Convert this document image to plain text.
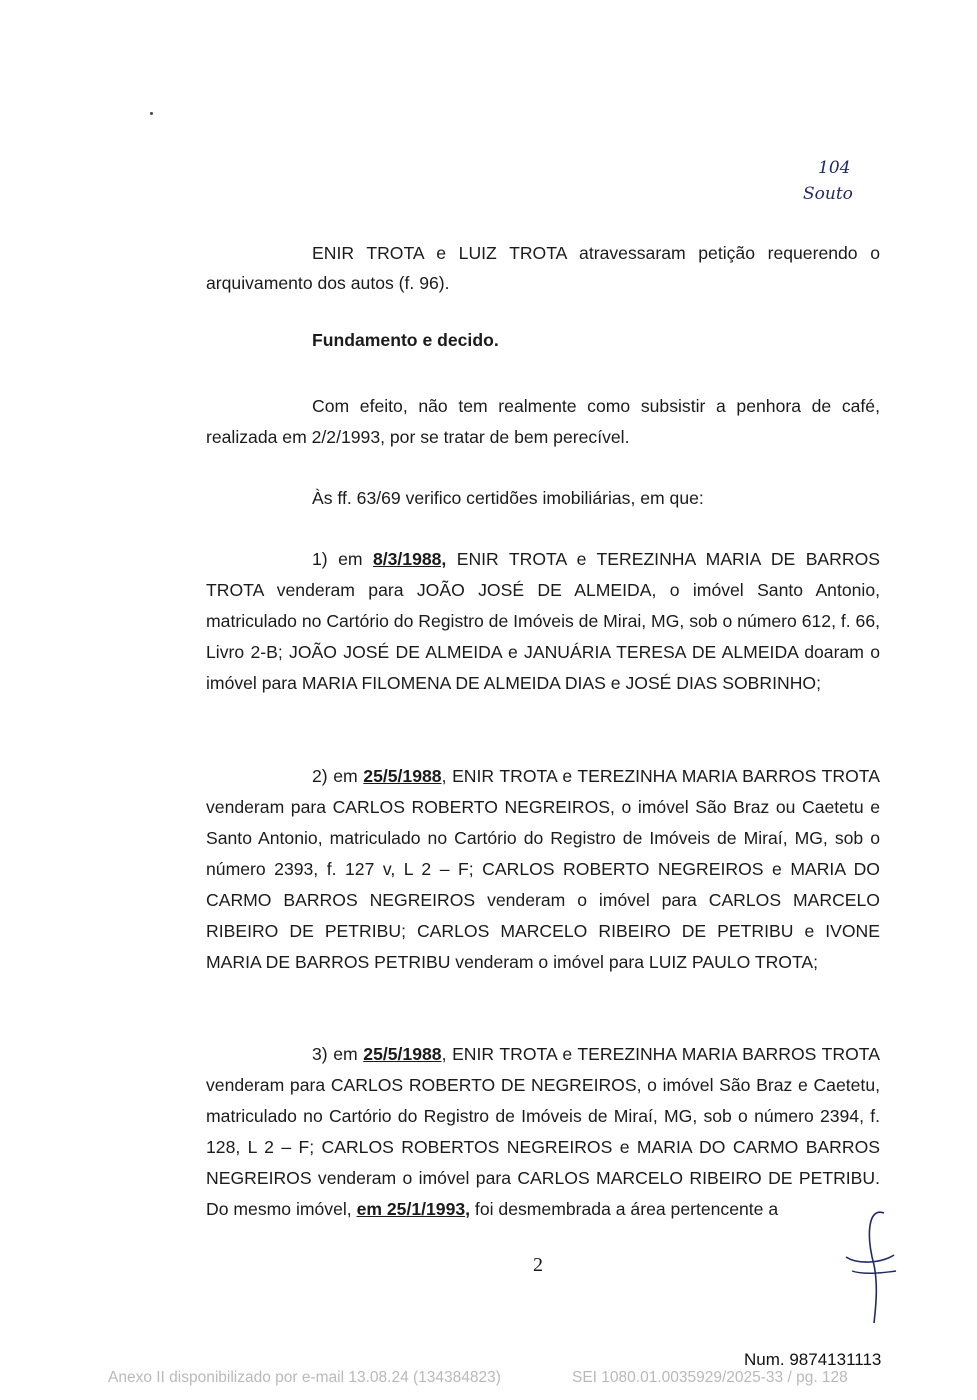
104
Souto
ENIR TROTA e LUIZ TROTA atravessaram petição requerendo o
arquivamento dos autos (f. 96).
Fundamento e decido.

Com efeito, não tem realmente como subsistir a penhora de café, realizada em 2/2/1993, por se tratar de bem perecível.

Às ff. 63/69 verifico certidões imobiliárias, em que:

1) em 8/3/1988, ENIR TROTA e TEREZINHA MARIA DE BARROS TROTA venderam para JOÃO JOSÉ DE ALMEIDA, o imóvel Santo Antonio, matriculado no Cartório do Registro de Imóveis de Mirai, MG, sob o número 612, f. 66, Livro 2-B; JOÃO JOSÉ DE ALMEIDA e JANUÁRIA TERESA DE ALMEIDA doaram o imóvel para MARIA FILOMENA DE ALMEIDA DIAS e JOSÉ DIAS SOBRINHO;

2) em 25/5/1988, ENIR TROTA e TEREZINHA MARIA BARROS TROTA venderam para CARLOS ROBERTO NEGREIROS, o imóvel São Braz ou Caetetu e Santo Antonio, matriculado no Cartório do Registro de Imóveis de Miraí, MG, sob o número 2393, f. 127 v, L 2 – F; CARLOS ROBERTO NEGREIROS e MARIA DO CARMO BARROS NEGREIROS venderam o imóvel para CARLOS MARCELO RIBEIRO DE PETRIBU; CARLOS MARCELO RIBEIRO DE PETRIBU e IVONE MARIA DE BARROS PETRIBU venderam o imóvel para LUIZ PAULO TROTA;

3) em 25/5/1988, ENIR TROTA e TEREZINHA MARIA BARROS TROTA venderam para CARLOS ROBERTO DE NEGREIROS, o imóvel São Braz e Caetetu, matriculado no Cartório do Registro de Imóveis de Miraí, MG, sob o número 2394, f. 128, L 2 – F; CARLOS ROBERTOS NEGREIROS e MARIA DO CARMO BARROS NEGREIROS venderam o imóvel para CARLOS MARCELO RIBEIRO DE PETRIBU. Do mesmo imóvel, em 25/1/1993, foi desmembrada a área pertencente a

2
Num. 9874131113
Anexo II disponibilizado por e-mail 13.08.24 (134384823)	SEI 1080.01.0035929/2025-33 / pg. 128
